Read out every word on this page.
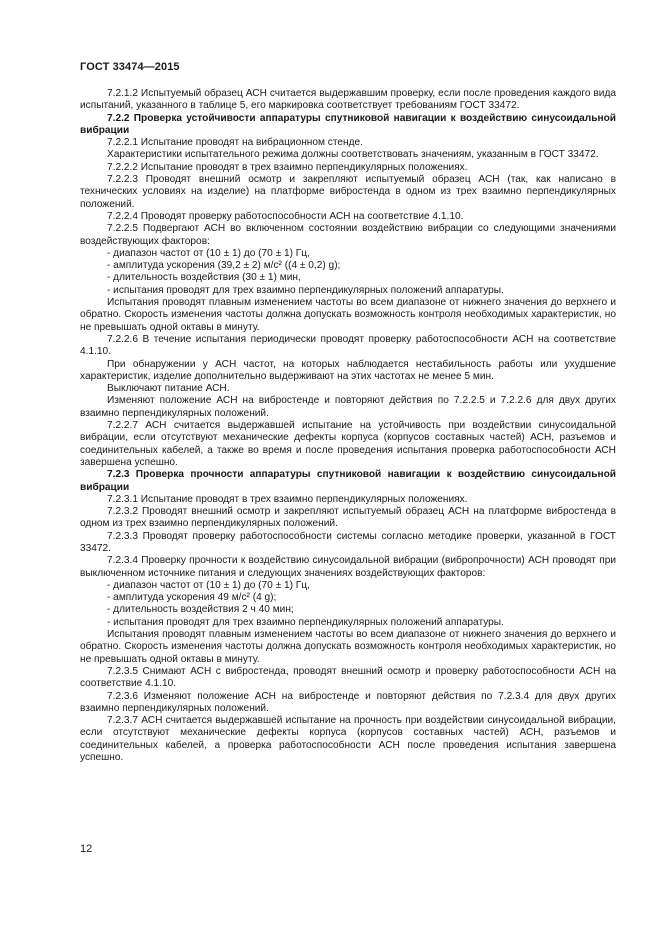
ГОСТ 33474—2015

7.2.1.2 Испытуемый образец АСН считается выдержавшим проверку, если после проведения каждого вида испытаний, указанного в таблице 5, его маркировка соответствует требованиям ГОСТ 33472.

7.2.2 Проверка устойчивости аппаратуры спутниковой навигации к воздействию синусоидальной вибрации

7.2.2.1 Испытание проводят на вибрационном стенде.

Характеристики испытательного режима должны соответствовать значениям, указанным в ГОСТ 33472.

7.2.2.2 Испытание проводят в трех взаимно перпендикулярных положениях.

7.2.2.3 Проводят внешний осмотр и закрепляют испытуемый образец АСН (так, как написано в технических условиях на изделие) на платформе вибростенда в одном из трех взаимно перпендикулярных положений.

7.2.2.4 Проводят проверку работоспособности АСН на соответствие 4.1.10.

7.2.2.5 Подвергают АСН во включенном состоянии воздействию вибрации со следующими значениями воздействующих факторов:

- диапазон частот от (10 ± 1) до (70 ± 1) Гц,

- амплитуда ускорения (39,2 ± 2) м/с² ((4 ± 0,2) g);

- длительность воздействия (30 ± 1) мин,

- испытания проводят для трех взаимно перпендикулярных положений аппаратуры.

Испытания проводят плавным изменением частоты во всем диапазоне от нижнего значения до верхнего и обратно. Скорость изменения частоты должна допускать возможность контроля необходимых характеристик, но не превышать одной октавы в минуту.

7.2.2.6 В течение испытания периодически проводят проверку работоспособности АСН на соответствие 4.1.10.

При обнаружении у АСН частот, на которых наблюдается нестабильность работы или ухудшение характеристик, изделие дополнительно выдерживают на этих частотах не менее 5 мин.

Выключают питание АСН.

Изменяют положение АСН на вибростенде и повторяют действия по 7.2.2.5 и 7.2.2.6 для двух других взаимно перпендикулярных положений.

7.2.2.7 АСН считается выдержавшей испытание на устойчивость при воздействии синусоидальной вибрации, если отсутствуют механические дефекты корпуса (корпусов составных частей) АСН, разъемов и соединительных кабелей, а также во время и после проведения испытания проверка работоспособности АСН завершена успешно.

7.2.3 Проверка прочности аппаратуры спутниковой навигации к воздействию синусоидальной вибрации

7.2.3.1 Испытание проводят в трех взаимно перпендикулярных положениях.

7.2.3.2 Проводят внешний осмотр и закрепляют испытуемый образец АСН на платформе вибростенда в одном из трех взаимно перпендикулярных положений.

7.2.3.3 Проводят проверку работоспособности системы согласно методике проверки, указанной в ГОСТ 33472.

7.2.3.4 Проверку прочности к воздействию синусоидальной вибрации (вибропрочности) АСН проводят при выключенном источнике питания и следующих значениях воздействующих факторов:

- диапазон частот от (10 ± 1) до (70 ± 1) Гц,

- амплитуда ускорения 49 м/с² (4 g);

- длительность воздействия 2 ч 40 мин;

- испытания проводят для трех взаимно перпендикулярных положений аппаратуры.

Испытания проводят плавным изменением частоты во всем диапазоне от нижнего значения до верхнего и обратно. Скорость изменения частоты должна допускать возможность контроля необходимых характеристик, но не превышать одной октавы в минуту.

7.2.3.5 Снимают АСН с вибростенда, проводят внешний осмотр и проверку работоспособности АСН на соответствие 4.1.10.

7.2.3.6 Изменяют положение АСН на вибростенде и повторяют действия по 7.2.3.4 для двух других взаимно перпендикулярных положений.

7.2.3.7 АСН считается выдержавшей испытание на прочность при воздействии синусоидальной вибрации, если отсутствуют механические дефекты корпуса (корпусов составных частей) АСН, разъемов и соединительных кабелей, а проверка работоспособности АСН после проведения испытания завершена успешно.

12
